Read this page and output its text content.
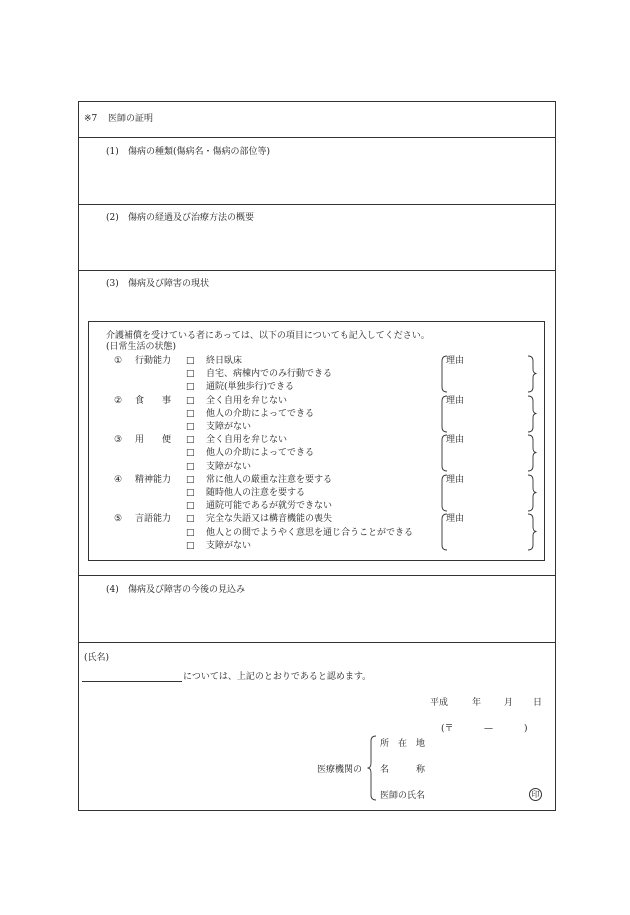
※7 医師の証明
(1) 傷病の種類(傷病名・傷病の部位等)
(2) 傷病の経過及び治療方法の概要
(3) 傷病及び障害の現状
(4) 傷病及び障害の今後の見込み
介護補償を受けている者にあっては、以下の項目についても記入してください。
(日常生活の状態)
① 行動能力 □ 終日臥床
□ 自宅、病棟内でのみ行動できる
□ 通院(単独歩行)できる
理由
② 食　　事 □ 全く自用を弁じない
□ 他人の介助によってできる
□ 支障がない
理由
③ 用　　便 □ 全く自用を弁じない
□ 他人の介助によってできる
□ 支障がない
理由
④ 精神能力 □ 常に他人の厳重な注意を要する
□ 随時他人の注意を要する
□ 通院可能であるが就労できない
理由
⑤ 言語能力 □ 完全な失語又は構音機能の喪失
□ 他人との間でようやく意思を通じ合うことができる
□ 支障がない
理由
(氏名)
については、上記のとおりであると認めます。
平成	年	月 日
(〒	—	)
医療機関の
所　在　地
名　　　称
医師の氏名	印
